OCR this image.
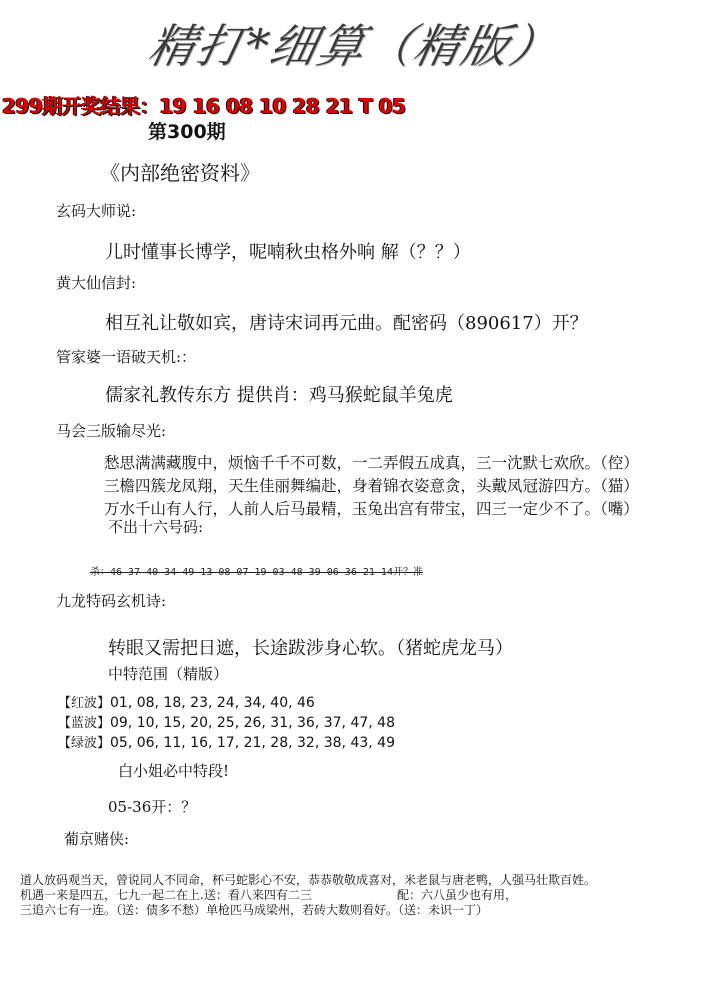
精打*细算（精版）
299期开奖结果：19 16 08 10 28 21 T 05
第300期
《内部绝密资料》
玄码大师说:
儿时懂事长博学，呢喃秋虫格外响 解（？？）
黄大仙信封:
相互礼让敬如宾，唐诗宋词再元曲。配密码（890617）开？
管家婆一语破天机:：
儒家礼教传东方 提供肖：鸡马猴蛇鼠羊兔虎
马会三版输尽光:
愁思满满藏腹中，烦恼千千不可数，一二弄假五成真，三一沈默七欢欣。（倥）
三檐四簇龙凤翔，天生佳丽舞编赴，身着锦衣姿意贪，头戴凤冠游四方。（猫）
万水千山有人行，人前人后马最精，玉兔出宫有带宝，四三一定少不了。（嘴）
不出十六号码:
杀：46 37 40 34 49 13 08 07 19 03 48 39 06 36 21 14开？准
九龙特码玄机诗:
转眼又需把日遮，长途跋涉身心软。（猪蛇虎龙马）
中特范围（精版）
【红波】01, 08, 18, 23, 24, 34, 40, 46
【蓝波】09, 10, 15, 20, 25, 26, 31, 36, 37, 47, 48
【绿波】05, 06, 11, 16, 17, 21, 28, 32, 38, 43, 49
白小姐必中特段!
05-36开：？
葡京赌侠:
道人放码观当天，曾说同人不同命，杯弓蛇影心不安，恭恭敬敬成喜对，米老鼠与唐老鸭，人强马壮欺百姓。
机遇一来是四五，七九一起二在上.送：看八来四有二三	配：六八虽少也有用，
三追六七有一连。（送：债多不愁）单枪匹马成梁州，若砖大数则看好。（送：未识一丁）
